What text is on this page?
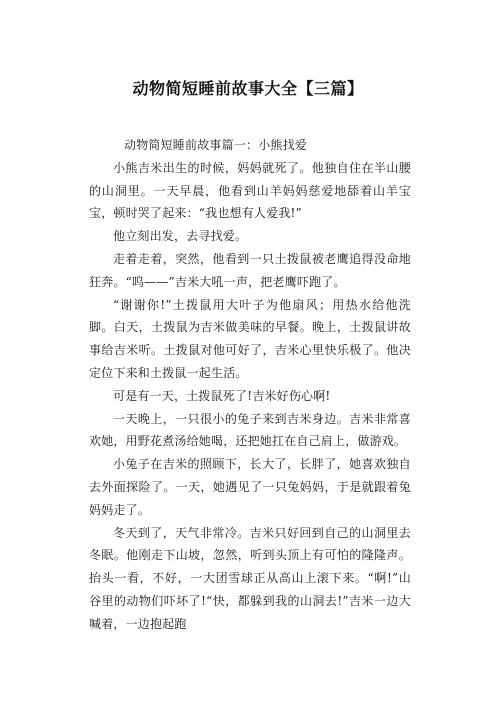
动物简短睡前故事大全【三篇】

动物简短睡前故事篇一：小熊找爱

小熊吉米出生的时候，妈妈就死了。他独自住在半山腰的山洞里。一天早晨，他看到山羊妈妈慈爱地舔着山羊宝宝，顿时哭了起来：“我也想有人爱我!”

他立刻出发，去寻找爱。

走着走着，突然，他看到一只土拨鼠被老鹰追得没命地狂奔。“呜——”吉米大吼一声，把老鹰吓跑了。

“谢谢你!”土拨鼠用大叶子为他扇风；用热水给他洗脚。白天，土拨鼠为吉米做美味的早餐。晚上，土拨鼠讲故事给吉米听。土拨鼠对他可好了，吉米心里快乐极了。他决定位下来和土拨鼠一起生活。

可是有一天，土拨鼠死了!吉米好伤心啊!

一天晚上，一只很小的兔子来到吉米身边。吉米非常喜欢她，用野花煮汤给她喝，还把她扛在自己肩上，做游戏。

小兔子在吉米的照顾下，长大了，长胖了，她喜欢独自去外面探险了。一天，她遇见了一只兔妈妈，于是就跟着兔妈妈走了。

冬天到了，天气非常冷。吉米只好回到自己的山洞里去冬眠。他刚走下山坡，忽然，听到头顶上有可怕的隆隆声。抬头一看，不好，一大团雪球正从高山上滚下来。“啊!”山谷里的动物们吓坏了!“快，都躲到我的山洞去!”吉米一边大喊着，一边抱起跑
